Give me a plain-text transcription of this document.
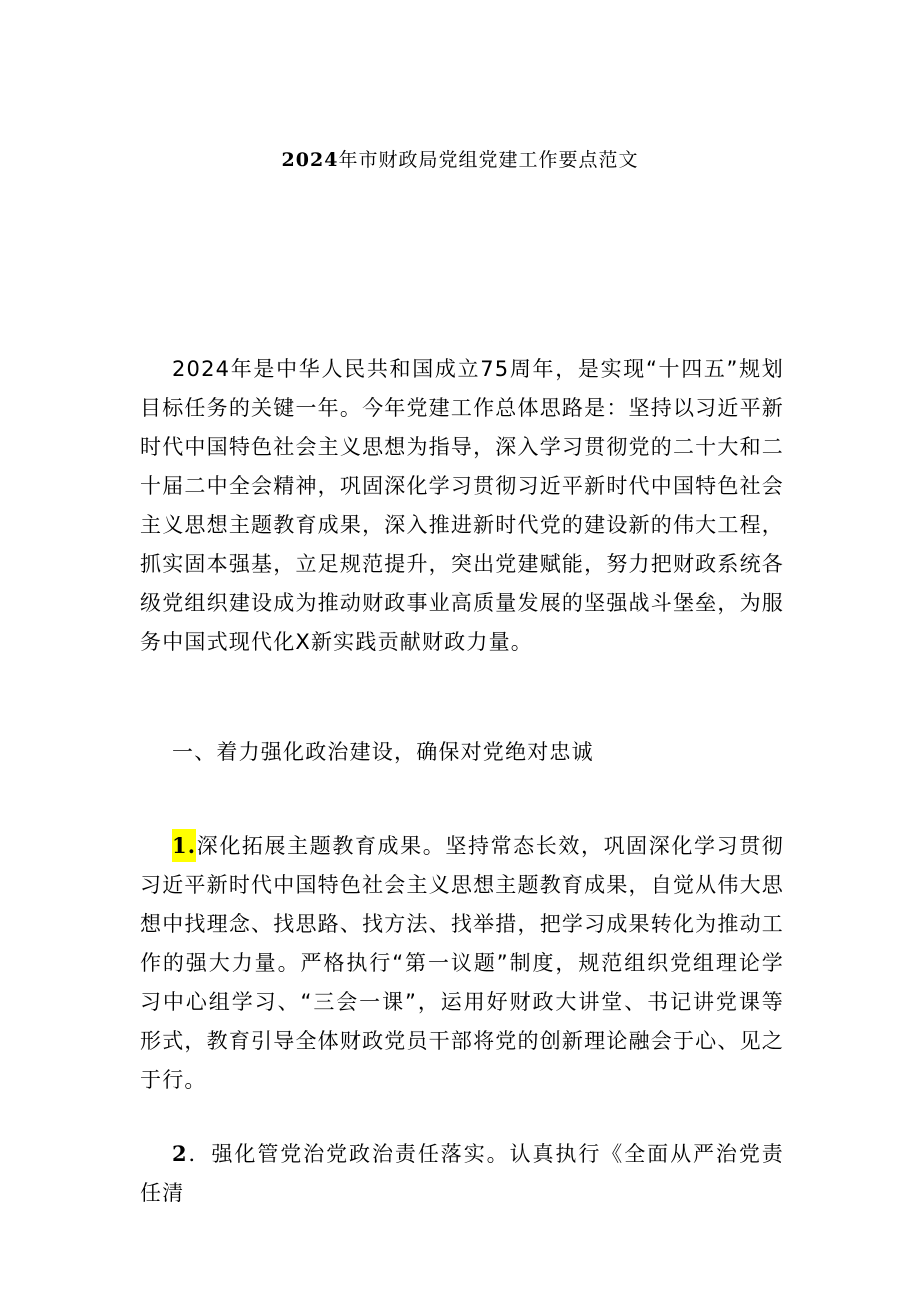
2024年市财政局党组党建工作要点范文

2024年是中华人民共和国成立75周年，是实现“十四五”规划目标任务的关键一年。今年党建工作总体思路是：坚持以习近平新时代中国特色社会主义思想为指导，深入学习贯彻党的二十大和二十届二中全会精神，巩固深化学习贯彻习近平新时代中国特色社会主义思想主题教育成果，深入推进新时代党的建设新的伟大工程，抓实固本强基，立足规范提升，突出党建赋能，努力把财政系统各级党组织建设成为推动财政事业高质量发展的坚强战斗堡垒，为服务中国式现代化X新实践贡献财政力量。

一、着力强化政治建设，确保对党绝对忠诚

1.深化拓展主题教育成果。坚持常态长效，巩固深化学习贯彻习近平新时代中国特色社会主义思想主题教育成果，自觉从伟大思想中找理念、找思路、找方法、找举措，把学习成果转化为推动工作的强大力量。严格执行“第一议题”制度，规范组织党组理论学习中心组学习、“三会一课”，运用好财政大讲堂、书记讲党课等形式，教育引导全体财政党员干部将党的创新理论融会于心、见之于行。

2．强化管党治党政治责任落实。认真执行《全面从严治党责任清
